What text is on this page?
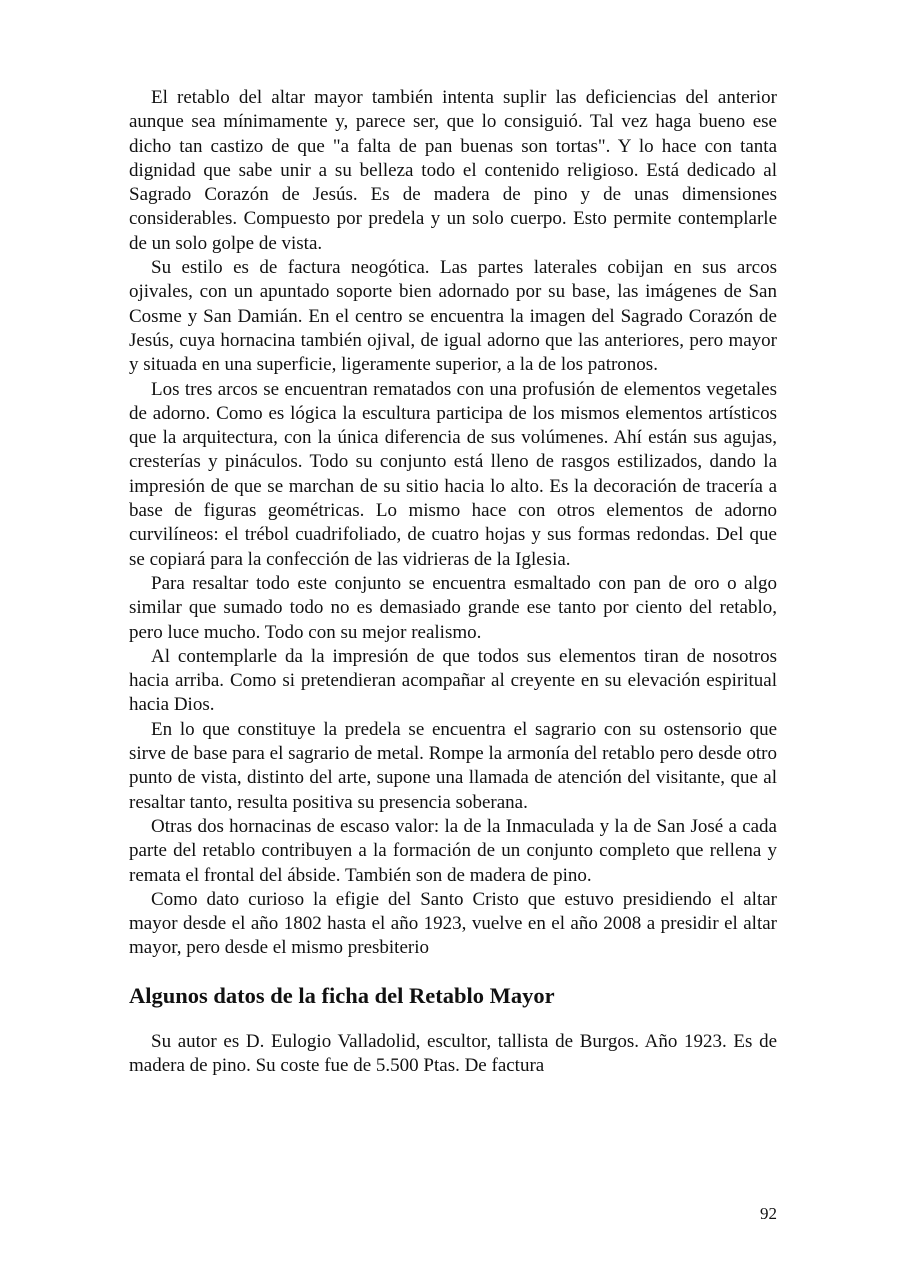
El retablo del altar mayor también intenta suplir las deficiencias del anterior aunque sea mínimamente y, parece ser, que lo consiguió. Tal vez haga bueno ese dicho tan castizo de que "a falta de pan buenas son tortas". Y lo hace con tanta dignidad que sabe unir a su belleza todo el contenido religioso. Está dedicado al Sagrado Corazón de Jesús. Es de madera de pino y de unas dimensiones considerables. Compuesto por predela y un solo cuerpo. Esto permite contemplarle de un solo golpe de vista.

Su estilo es de factura neogótica. Las partes laterales cobijan en sus arcos ojivales, con un apuntado soporte bien adornado por su base, las imágenes de San Cosme y San Damián. En el centro se encuentra la imagen del Sagrado Corazón de Jesús, cuya hornacina también ojival, de igual adorno que las anteriores, pero mayor y situada en una superficie, ligeramente superior, a la de los patronos.

Los tres arcos se encuentran rematados con una profusión de elementos vegetales de adorno. Como es lógica la escultura participa de los mismos elementos artísticos que la arquitectura, con la única diferencia de sus volúmenes. Ahí están sus agujas, cresterías y pináculos. Todo su conjunto está lleno de rasgos estilizados, dando la impresión de que se marchan de su sitio hacia lo alto. Es la decoración de tracería a base de figuras geométricas. Lo mismo hace con otros elementos de adorno curvilíneos: el trébol cuadrifoliado, de cuatro hojas y sus formas redondas. Del que se copiará para la confección de las vidrieras de la Iglesia.

Para resaltar todo este conjunto se encuentra esmaltado con pan de oro o algo similar que sumado todo no es demasiado grande ese tanto por ciento del retablo, pero luce mucho. Todo con su mejor realismo.

Al contemplarle da la impresión de que todos sus elementos tiran de nosotros hacia arriba. Como si pretendieran acompañar al creyente en su elevación espiritual hacia Dios.

En lo que constituye la predela se encuentra el sagrario con su ostensorio que sirve de base para el sagrario de metal. Rompe la armonía del retablo pero desde otro punto de vista, distinto del arte, supone una llamada de atención del visitante, que al resaltar tanto, resulta positiva su presencia soberana.

Otras dos hornacinas de escaso valor: la de la Inmaculada y la de San José a cada parte del retablo contribuyen a la formación de un conjunto completo que rellena y remata el frontal del ábside. También son de madera de pino.

Como dato curioso la efigie del Santo Cristo que estuvo presidiendo el altar mayor desde el año 1802 hasta el año 1923, vuelve en el año 2008 a presidir el altar mayor, pero desde el mismo presbiterio

Algunos datos de la ficha del Retablo Mayor

Su autor es D. Eulogio Valladolid, escultor, tallista de Burgos. Año 1923. Es de madera de pino. Su coste fue de 5.500 Ptas. De factura

92
